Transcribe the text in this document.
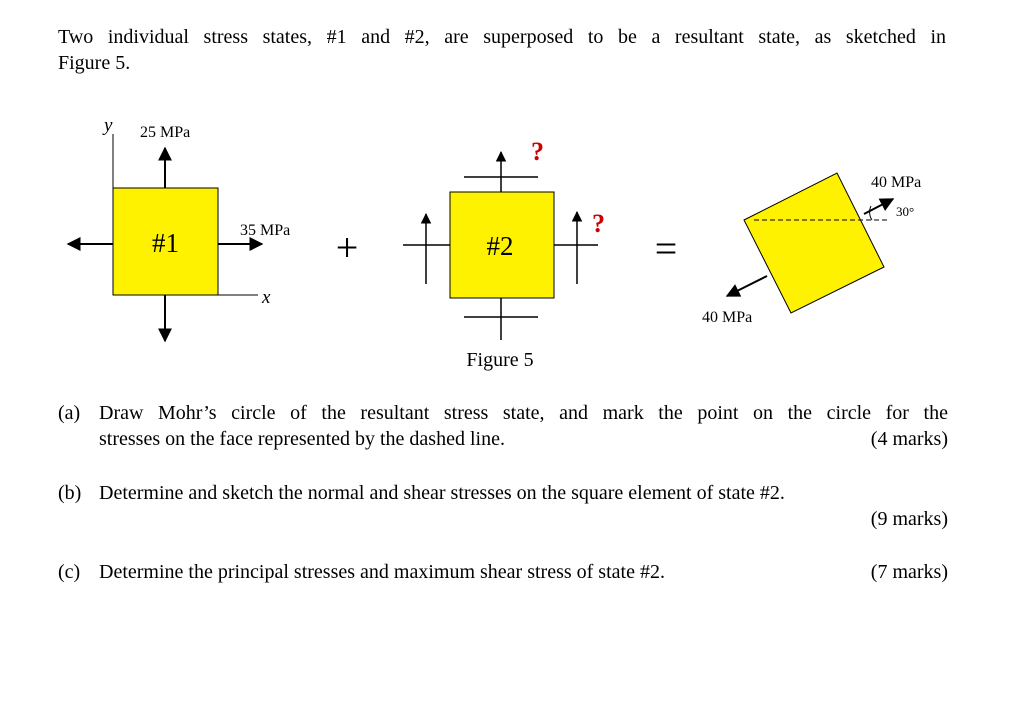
Two individual stress states, #1 and #2, are superposed to be a resultant state, as sketched in
Figure 5.
#1
y 25 MPa
35 MPa
x
+	#2
?
?
=
40 MPa
30°
40 MPa
Figure 5
(a) Draw Mohr’s circle of the resultant stress state, and mark the point on the circle for the
stresses on the face represented by the dashed line.	(4 marks)
(b) Determine and sketch the normal and shear stresses on the square element of state #2.
(9 marks)
(c) Determine the principal stresses and maximum shear stress of state #2.	(7 marks)
